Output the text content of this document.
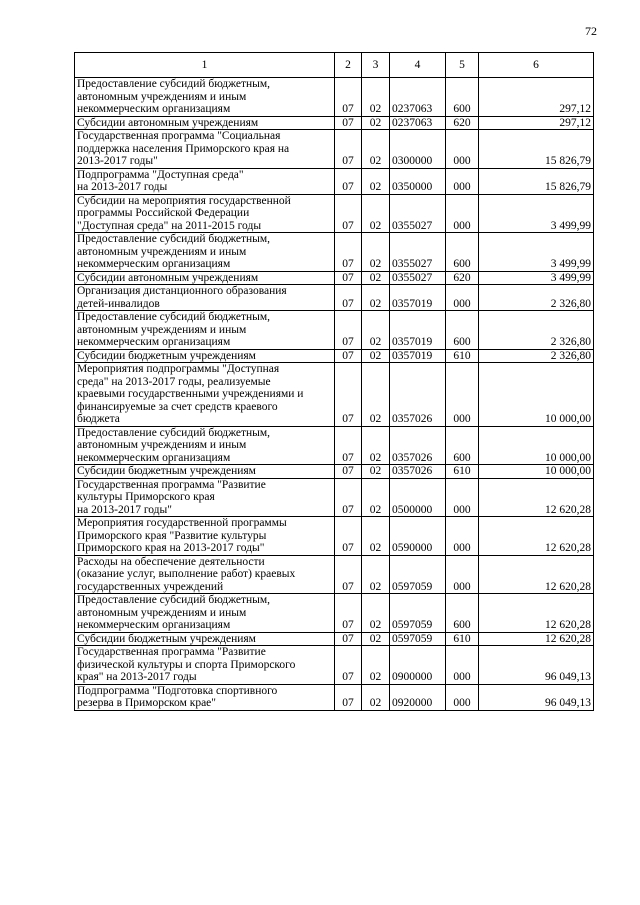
72
1	2	3	4	5	6
Предоставление субсидий бюджетным,
автономным учреждениям и иным
некоммерческим организациям	07	02	0237063	600	297,12
Субсидии автономным учреждениям	07	02	0237063	620	297,12
Государственная программа "Социальная
поддержка населения Приморского края на
2013-2017 годы"	07	02	0300000	000	15 826,79
Подпрограмма "Доступная среда"
на 2013-2017 годы	07	02	0350000	000	15 826,79
Субсидии на мероприятия государственной
программы Российской Федерации
"Доступная среда" на 2011-2015 годы	07	02	0355027	000	3 499,99
Предоставление субсидий бюджетным,
автономным учреждениям и иным
некоммерческим организациям	07	02	0355027	600	3 499,99
Субсидии автономным учреждениям	07	02	0355027	620	3 499,99
Организация дистанционного образования
детей-инвалидов	07	02	0357019	000	2 326,80
Предоставление субсидий бюджетным,
автономным учреждениям и иным
некоммерческим организациям	07	02	0357019	600	2 326,80
Субсидии бюджетным учреждениям	07	02	0357019	610	2 326,80
Мероприятия подпрограммы "Доступная
среда" на 2013-2017 годы, реализуемые
краевыми государственными учреждениями и
финансируемые за счет средств краевого
бюджета	07	02	0357026	000	10 000,00
Предоставление субсидий бюджетным,
автономным учреждениям и иным
некоммерческим организациям	07	02	0357026	600	10 000,00
Субсидии бюджетным учреждениям	07	02	0357026	610	10 000,00
Государственная программа "Развитие
культуры Приморского края
на 2013-2017 годы"	07	02	0500000	000	12 620,28
Мероприятия государственной программы
Приморского края "Развитие культуры
Приморского края на 2013-2017 годы"	07	02	0590000	000	12 620,28
Расходы на обеспечение деятельности
(оказание услуг, выполнение работ) краевых
государственных учреждений	07	02	0597059	000	12 620,28
Предоставление субсидий бюджетным,
автономным учреждениям и иным
некоммерческим организациям	07	02	0597059	600	12 620,28
Субсидии бюджетным учреждениям	07	02	0597059	610	12 620,28
Государственная программа "Развитие
физической культуры и спорта Приморского
края" на 2013-2017 годы	07	02	0900000	000	96 049,13
Подпрограмма "Подготовка спортивного
резерва в Приморском крае"	07	02	0920000	000	96 049,13
